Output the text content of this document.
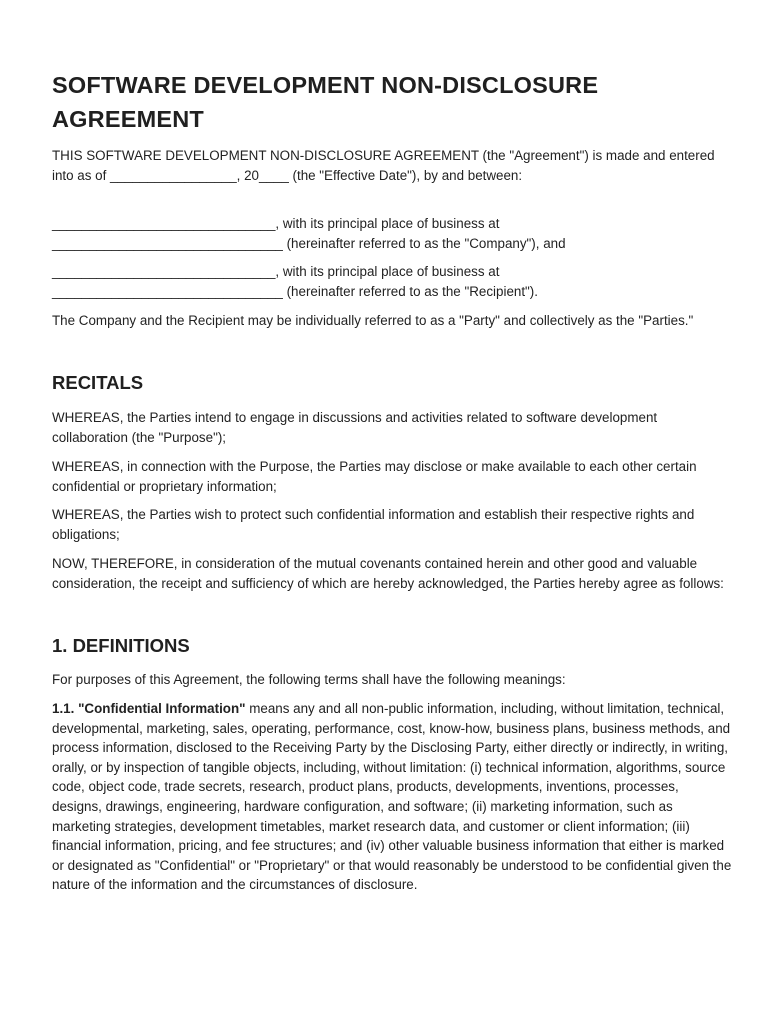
SOFTWARE DEVELOPMENT NON-DISCLOSURE AGREEMENT

THIS SOFTWARE DEVELOPMENT NON-DISCLOSURE AGREEMENT (the "Agreement") is made and entered into as of _________________, 20____ (the "Effective Date"), by and between:

______________________________, with its principal place of business at
_______________________________ (hereinafter referred to as the "Company"), and

______________________________, with its principal place of business at
_______________________________ (hereinafter referred to as the "Recipient").

The Company and the Recipient may be individually referred to as a "Party" and collectively as the "Parties."

RECITALS

WHEREAS, the Parties intend to engage in discussions and activities related to software development collaboration (the "Purpose");

WHEREAS, in connection with the Purpose, the Parties may disclose or make available to each other certain confidential or proprietary information;

WHEREAS, the Parties wish to protect such confidential information and establish their respective rights and obligations;

NOW, THEREFORE, in consideration of the mutual covenants contained herein and other good and valuable consideration, the receipt and sufficiency of which are hereby acknowledged, the Parties hereby agree as follows:

1. DEFINITIONS

For purposes of this Agreement, the following terms shall have the following meanings:

1.1. "Confidential Information" means any and all non-public information, including, without limitation, technical, developmental, marketing, sales, operating, performance, cost, know-how, business plans, business methods, and process information, disclosed to the Receiving Party by the Disclosing Party, either directly or indirectly, in writing, orally, or by inspection of tangible objects, including, without limitation: (i) technical information, algorithms, source code, object code, trade secrets, research, product plans, products, developments, inventions, processes, designs, drawings, engineering, hardware configuration, and software; (ii) marketing information, such as marketing strategies, development timetables, market research data, and customer or client information; (iii) financial information, pricing, and fee structures; and (iv) other valuable business information that either is marked or designated as "Confidential" or "Proprietary" or that would reasonably be understood to be confidential given the nature of the information and the circumstances of disclosure.
